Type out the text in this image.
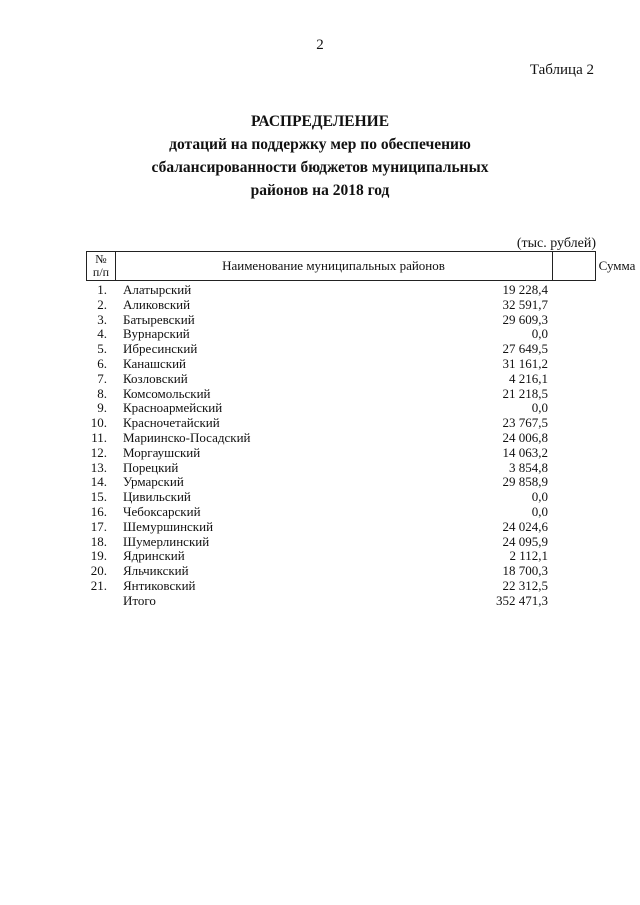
2
Таблица 2
РАСПРЕДЕЛЕНИЕ
дотаций на поддержку мер по обеспечению
сбалансированности бюджетов муниципальных
районов на 2018 год
(тыс. рублей)
№
п/п	Наименование муниципальных районов	Сумма
1. Алатырский	19 228,4
2. Аликовский	32 591,7
3. Батыревский	29 609,3
4. Вурнарский	0,0
5. Ибресинский	27 649,5
6. Канашский	31 161,2
7. Козловский	4 216,1
8. Комсомольский	21 218,5
9. Красноармейский	0,0
10. Красночетайский	23 767,5
11. Мариинско-Посадский	24 006,8
12. Моргаушский	14 063,2
13. Порецкий	3 854,8
14. Урмарский	29 858,9
15. Цивильский	0,0
16. Чебоксарский	0,0
17. Шемуршинский	24 024,6
18. Шумерлинский	24 095,9
19. Ядринский	2 112,1
20. Яльчикский	18 700,3
21. Янтиковский	22 312,5
Итого	352 471,3
